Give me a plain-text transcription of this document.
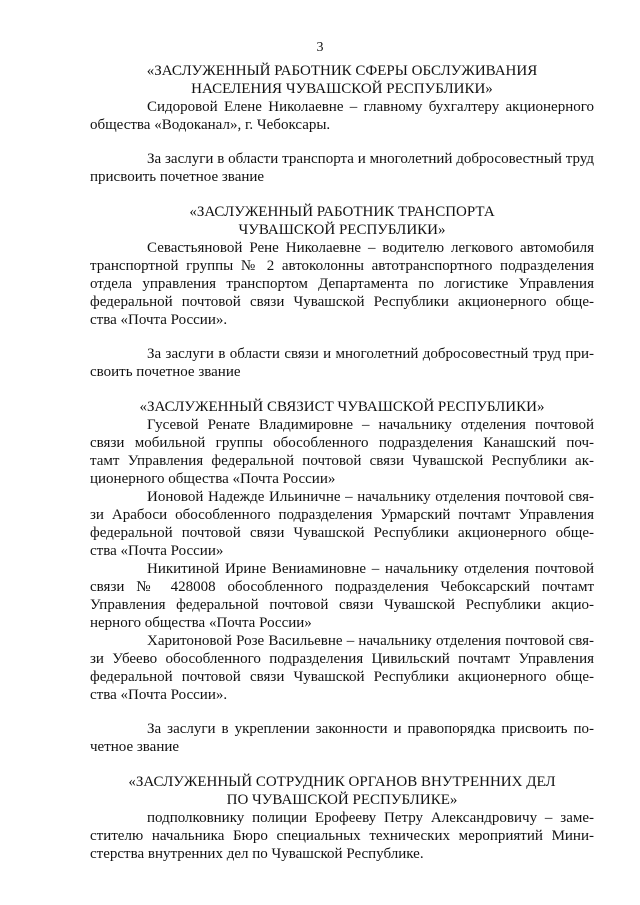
3

«ЗАСЛУЖЕННЫЙ РАБОТНИК СФЕРЫ ОБСЛУЖИВАНИЯ

НАСЕЛЕНИЯ ЧУВАШСКОЙ РЕСПУБЛИКИ»

Сидоровой Елене Николаевне – главному бухгалтеру акционерного
общества «Водоканал», г. Чебоксары.
За заслуги в области транспорта и многолетний добросовестный труд
присвоить почетное звание

«ЗАСЛУЖЕННЫЙ РАБОТНИК ТРАНСПОРТА

ЧУВАШСКОЙ РЕСПУБЛИКИ»

Севастьяновой Рене Николаевне – водителю легкового автомобиля
транспортной группы № 2 автоколонны автотранспортного подразделения
отдела управления транспортом Департамента по логистике Управления
федеральной почтовой связи Чувашской Республики акционерного обще-
ства «Почта России».
За заслуги в области связи и многолетний добросовестный труд при-
своить почетное звание

«ЗАСЛУЖЕННЫЙ СВЯЗИСТ ЧУВАШСКОЙ РЕСПУБЛИКИ»

Гусевой Ренате Владимировне – начальнику отделения почтовой
связи мобильной группы обособленного подразделения Канашский поч-
тамт Управления федеральной почтовой связи Чувашской Республики ак-
ционерного общества «Почта России»
Ионовой Надежде Ильиничне – начальнику отделения почтовой свя-
зи Арабоси обособленного подразделения Урмарский почтамт Управления
федеральной почтовой связи Чувашской Республики акционерного обще-
ства «Почта России»
Никитиной Ирине Вениаминовне – начальнику отделения почтовой
связи № 428008 обособленного подразделения Чебоксарский почтамт
Управления федеральной почтовой связи Чувашской Республики акцио-
нерного общества «Почта России»
Харитоновой Розе Васильевне – начальнику отделения почтовой свя-
зи Убеево обособленного подразделения Цивильский почтамт Управления
федеральной почтовой связи Чувашской Республики акционерного обще-
ства «Почта России».
За заслуги в укреплении законности и правопорядка присвоить по-
четное звание

«ЗАСЛУЖЕННЫЙ СОТРУДНИК ОРГАНОВ ВНУТРЕННИХ ДЕЛ

ПО ЧУВАШСКОЙ РЕСПУБЛИКЕ»

подполковнику полиции Ерофееву Петру Александровичу – заме-
стителю начальника Бюро специальных технических мероприятий Мини-
стерства внутренних дел по Чувашской Республике.
